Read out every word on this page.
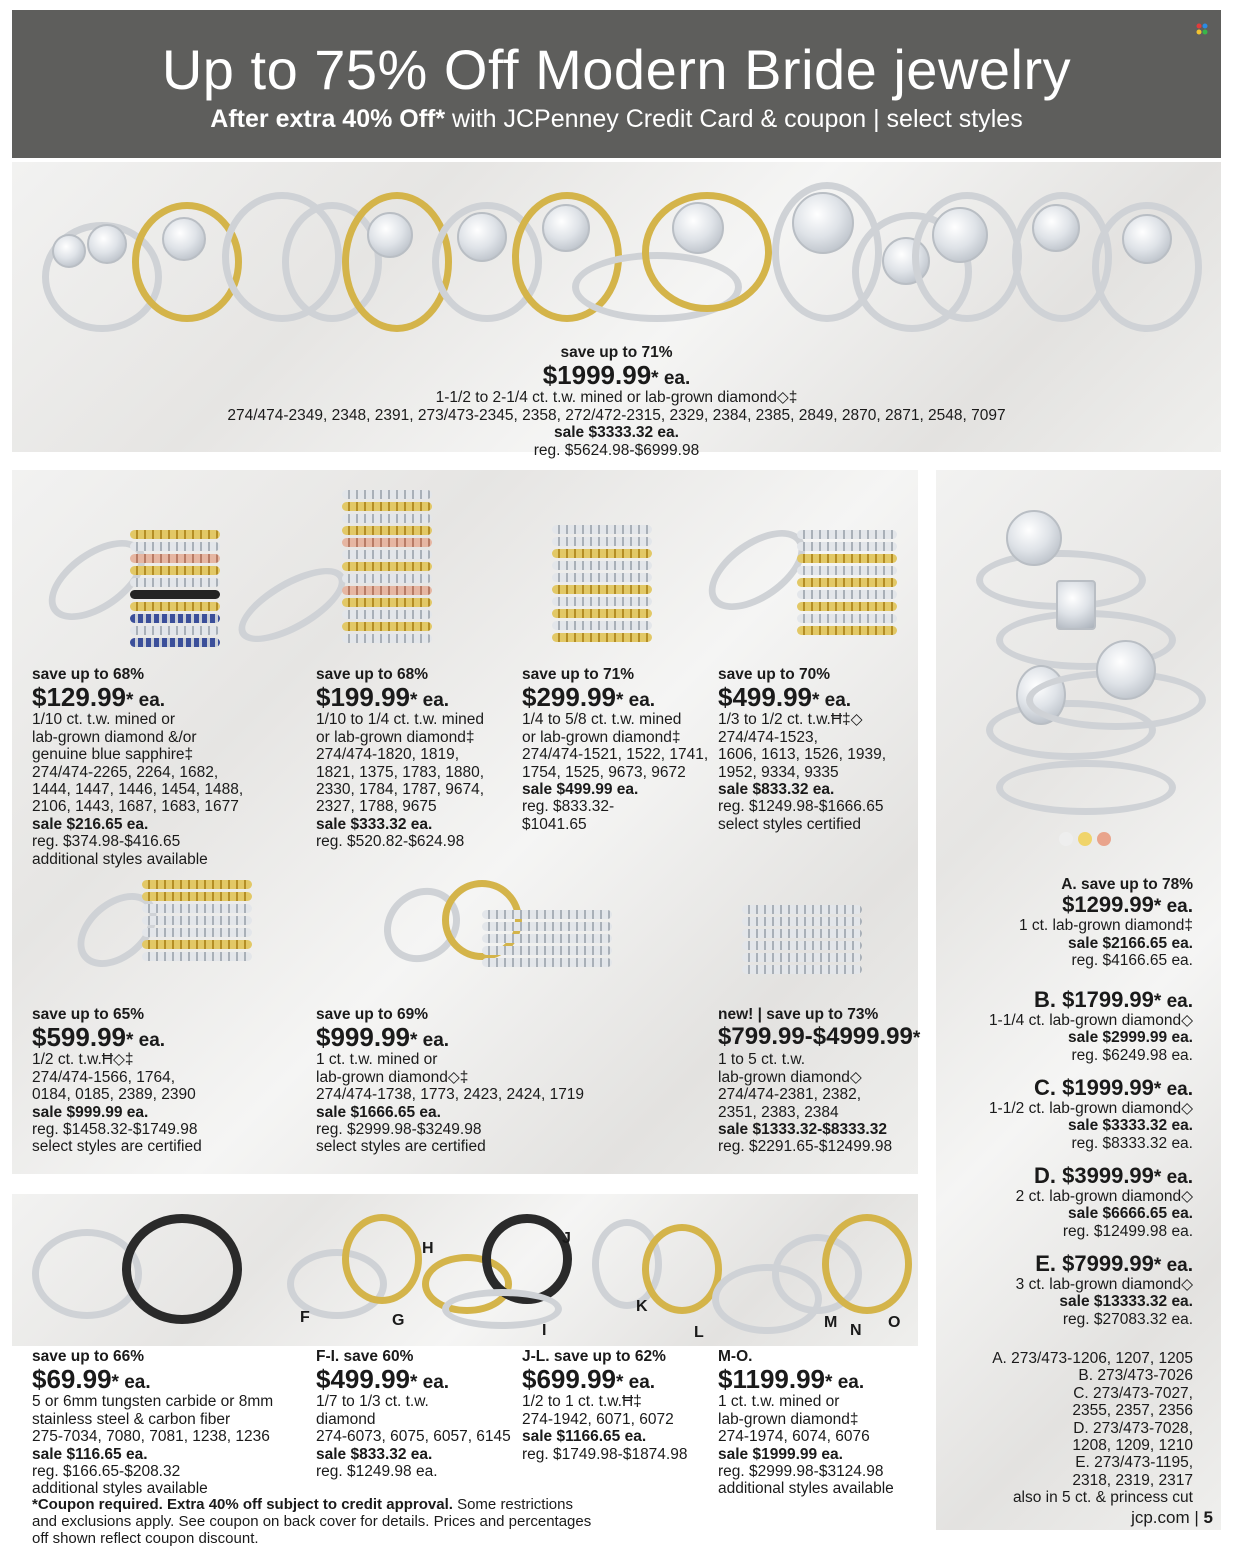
Up to 75% Off Modern Bride jewelry
After extra 40% Off* with JCPenney Credit Card & coupon | select styles

save up to 71%

$1999.99* ea.

1-1/2 to 2-1/4 ct. t.w. mined or lab-grown diamond◇‡

274/474-2349, 2348, 2391, 273/473-2345, 2358, 272/472-2315, 2329, 2384, 2385, 2849, 2870, 2871, 2548, 7097

sale $3333.32 ea.

reg. $5624.98-$6999.98

save up to 68%

$129.99* ea.

1/10 ct. t.w. mined or

lab-grown diamond &/or

genuine blue sapphire‡

274/474-2265, 2264, 1682,

1444, 1447, 1446, 1454, 1488,

2106, 1443, 1687, 1683, 1677

sale $216.65 ea.

reg. $374.98-$416.65

additional styles available

save up to 68%

$199.99* ea.

1/10 to 1/4 ct. t.w. mined

or lab-grown diamond‡

274/474-1820, 1819,

1821, 1375, 1783, 1880,

2330, 1784, 1787, 9674,

2327, 1788, 9675

sale $333.32 ea.

reg. $520.82-$624.98

save up to 71%

$299.99* ea.

1/4 to 5/8 ct. t.w. mined

or lab-grown diamond‡

274/474-1521, 1522, 1741,

1754, 1525, 9673, 9672

sale $499.99 ea.

reg. $833.32-

$1041.65

save up to 70%

$499.99* ea.

1/3 to 1/2 ct. t.w.Ħ‡◇

274/474-1523,

1606, 1613, 1526, 1939,

1952, 9334, 9335

sale $833.32 ea.

reg. $1249.98-$1666.65

select styles certified

save up to 65%

$599.99* ea.

1/2 ct. t.w.Ħ◇‡

274/474-1566, 1764,

0184, 0185, 2389, 2390

sale $999.99 ea.

reg. $1458.32-$1749.98

select styles are certified

save up to 69%

$999.99* ea.

1 ct. t.w. mined or

lab-grown diamond◇‡

274/474-1738, 1773, 2423, 2424, 1719

sale $1666.65 ea.

reg. $2999.98-$3249.98

select styles are certified

new! | save up to 73%

$799.99-$4999.99*

1 to 5 ct. t.w.

lab-grown diamond◇

274/474-2381, 2382,

2351, 2383, 2384

sale $1333.32-$8333.32

reg. $2291.65-$12499.98

F	G
H
I
J
K
L
M N O

save up to 66%

$69.99* ea.

5 or 6mm tungsten carbide or 8mm

stainless steel & carbon fiber

275-7034, 7080, 7081, 1238, 1236

sale $116.65 ea.

reg. $166.65-$208.32

additional styles available

F-I. save 60%

$499.99* ea.

1/7 to 1/3 ct. t.w.

diamond

274-6073, 6075, 6057, 6145

sale $833.32 ea.

reg. $1249.98 ea.

J-L. save up to 62%

$699.99* ea.

1/2 to 1 ct. t.w.Ħ‡

274-1942, 6071, 6072

sale $1166.65 ea.

reg. $1749.98-$1874.98

M-O.

$1199.99* ea.

1 ct. t.w. mined or

lab-grown diamond‡

274-1974, 6074, 6076

sale $1999.99 ea.

reg. $2999.98-$3124.98

additional styles available

A. save up to 78%

$1299.99* ea.

1 ct. lab-grown diamond‡

sale $2166.65 ea.

reg. $4166.65 ea.

B. $1799.99* ea.

1-1/4 ct. lab-grown diamond◇

sale $2999.99 ea.

reg. $6249.98 ea.

C. $1999.99* ea.

1-1/2 ct. lab-grown diamond◇

sale $3333.32 ea.

reg. $8333.32 ea.

D. $3999.99* ea.

2 ct. lab-grown diamond◇

sale $6666.65 ea.

reg. $12499.98 ea.

E. $7999.99* ea.

3 ct. lab-grown diamond◇

sale $13333.32 ea.

reg. $27083.32 ea.

A. 273/473-1206, 1207, 1205

B. 273/473-7026

C. 273/473-7027,

2355, 2357, 2356

D. 273/473-7028,

1208, 1209, 1210

E. 273/473-1195,

2318, 2319, 2317

also in 5 ct. & princess cut

*Coupon required. Extra 40% off subject to credit approval. Some restrictions and exclusions apply. See coupon on back cover for details. Prices and percentages off shown reflect coupon discount.
jcp.com | 5
